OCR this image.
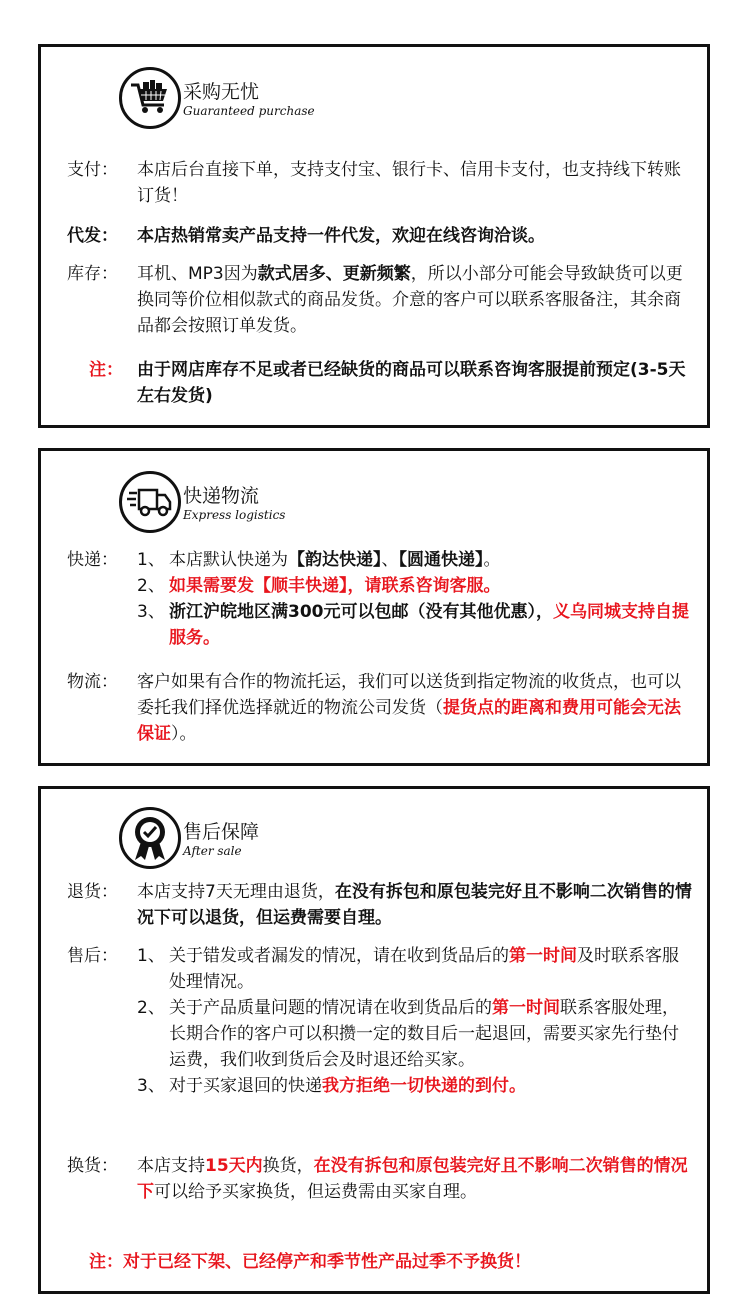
采购无忧
Guaranteed purchase
支付： 本店后台直接下单，支持支付宝、银行卡、信用卡支付，也支持线下转账订货！
代发： 本店热销常卖产品支持一件代发，欢迎在线咨询洽谈。
库存： 耳机、MP3因为款式居多、更新频繁，所以小部分可能会导致缺货可以更换同等价位相似款式的商品发货。介意的客户可以联系客服备注，其余商品都会按照订单发货。
注： 由于网店库存不足或者已经缺货的商品可以联系咨询客服提前预定(3-5天左右发货)
快递物流
Express logistics
快递： 1、 本店默认快递为【韵达快递】、【圆通快递】。
2、 如果需要发【顺丰快递】，请联系咨询客服。
3、 浙江沪皖地区满300元可以包邮（没有其他优惠），义乌同城支持自提服务。
物流： 客户如果有合作的物流托运，我们可以送货到指定物流的收货点，也可以委托我们择优选择就近的物流公司发货（提货点的距离和费用可能会无法保证）。
售后保障
After sale
退货： 本店支持7天无理由退货，在没有拆包和原包装完好且不影响二次销售的情况下可以退货，但运费需要自理。
售后： 1、 关于错发或者漏发的情况，请在收到货品后的第一时间及时联系客服处理情况。
2、 关于产品质量问题的情况请在收到货品后的第一时间联系客服处理，长期合作的客户可以积攒一定的数目后一起退回，需要买家先行垫付运费，我们收到货后会及时退还给买家。
3、 对于买家退回的快递我方拒绝一切快递的到付。
换货： 本店支持15天内换货，在没有拆包和原包装完好且不影响二次销售的情况下可以给予买家换货，但运费需由买家自理。
注：对于已经下架、已经停产和季节性产品过季不予换货！
